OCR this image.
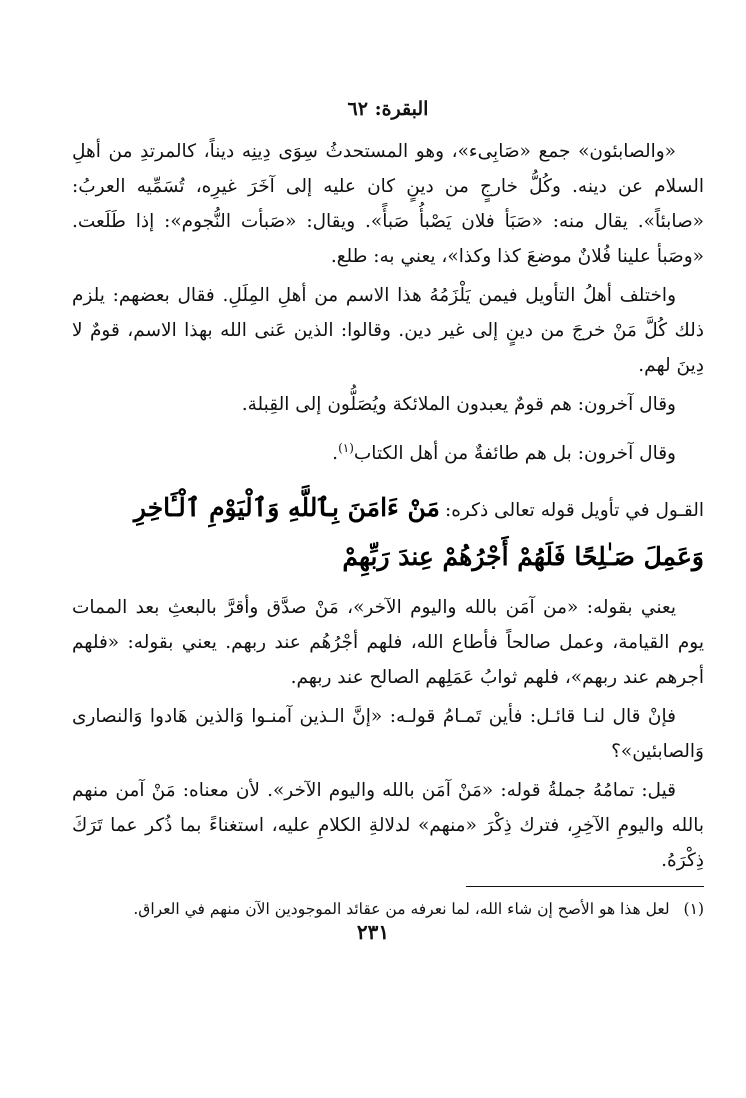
البقرة: ٦٢

«والصابئون» جمع «صَابِىء»، وهو المستحدثُ سِوَى دِينِه ديناً، كالمرتدِ من أهلِ السلام عن دينه. وكُلُّ خارجٍ من دينٍ كان عليه إلى آخَرَ غيرِه، تُسَمِّيه العربُ: «صابئاً». يقال منه: «صَبَأ فلان يَصْبأُ صَبأً». ويقال: «صَبأت النُّجوم»: إذا طَلَعت. «وصَبأ علينا فُلانٌ موضعَ كذا وكذا»، يعني به: طلع.

واختلف أهلُ التأويل فيمن يَلْزَمُهُ هذا الاسم من أهلِ المِلَلِ. فقال بعضهم: يلزم ذلك كُلَّ مَنْ خرجَ من دينٍ إلى غير دين. وقالوا: الذين عَنى الله بهذا الاسم، قومٌ لا دِينَ لهم.

وقال آخرون: هم قومٌ يعبدون الملائكة ويُصَلُّون إلى القِبلة.

وقال آخرون: بل هم طائفةٌ من أهل الكتاب$^{(١)}$.

القـول في تأويل قوله تعالى ذكره: مَنْ ءَامَنَ بِٱللَّهِ وَٱلْيَوْمِ ٱلْـَٔاخِرِ وَعَمِلَ صَـٰلِحًا فَلَهُمْ أَجْرُهُمْ عِندَ رَبِّهِمْ

يعني بقوله: «من آمَن بالله واليوم الآخر»، مَنْ صدَّق وأقرَّ بالبعثِ بعد الممات يوم القيامة، وعمل صالحاً فأطاع الله، فلهم أجْرُهُم عند ربهم. يعني بقوله: «فلهم أجرهم عند ربهم»، فلهم ثوابُ عَمَلِهم الصالح عند ربهم.

فإنْ قال لنـا قائـل: فأين تَمـامُ قولـه: «إنَّ الـذين آمنـوا وَالذين هَادوا وَالنصارى وَالصابئين»؟

قيل: تمامُهُ جملةُ قوله: «مَنْ آمَن بالله واليوم الآخر». لأن معناه: مَنْ آمن منهم بالله واليومِ الآخِرِ، فترك ذِكْرَ «منهم» لدلالةِ الكلامِ عليه، استغناءً بما ذُكر عما تَرَكَ ذِكْرَهُ.

(١)لعل هذا هو الأصح إن شاء الله، لما نعرفه من عقائد الموجودين الآن منهم في العراق.
٢٣١
